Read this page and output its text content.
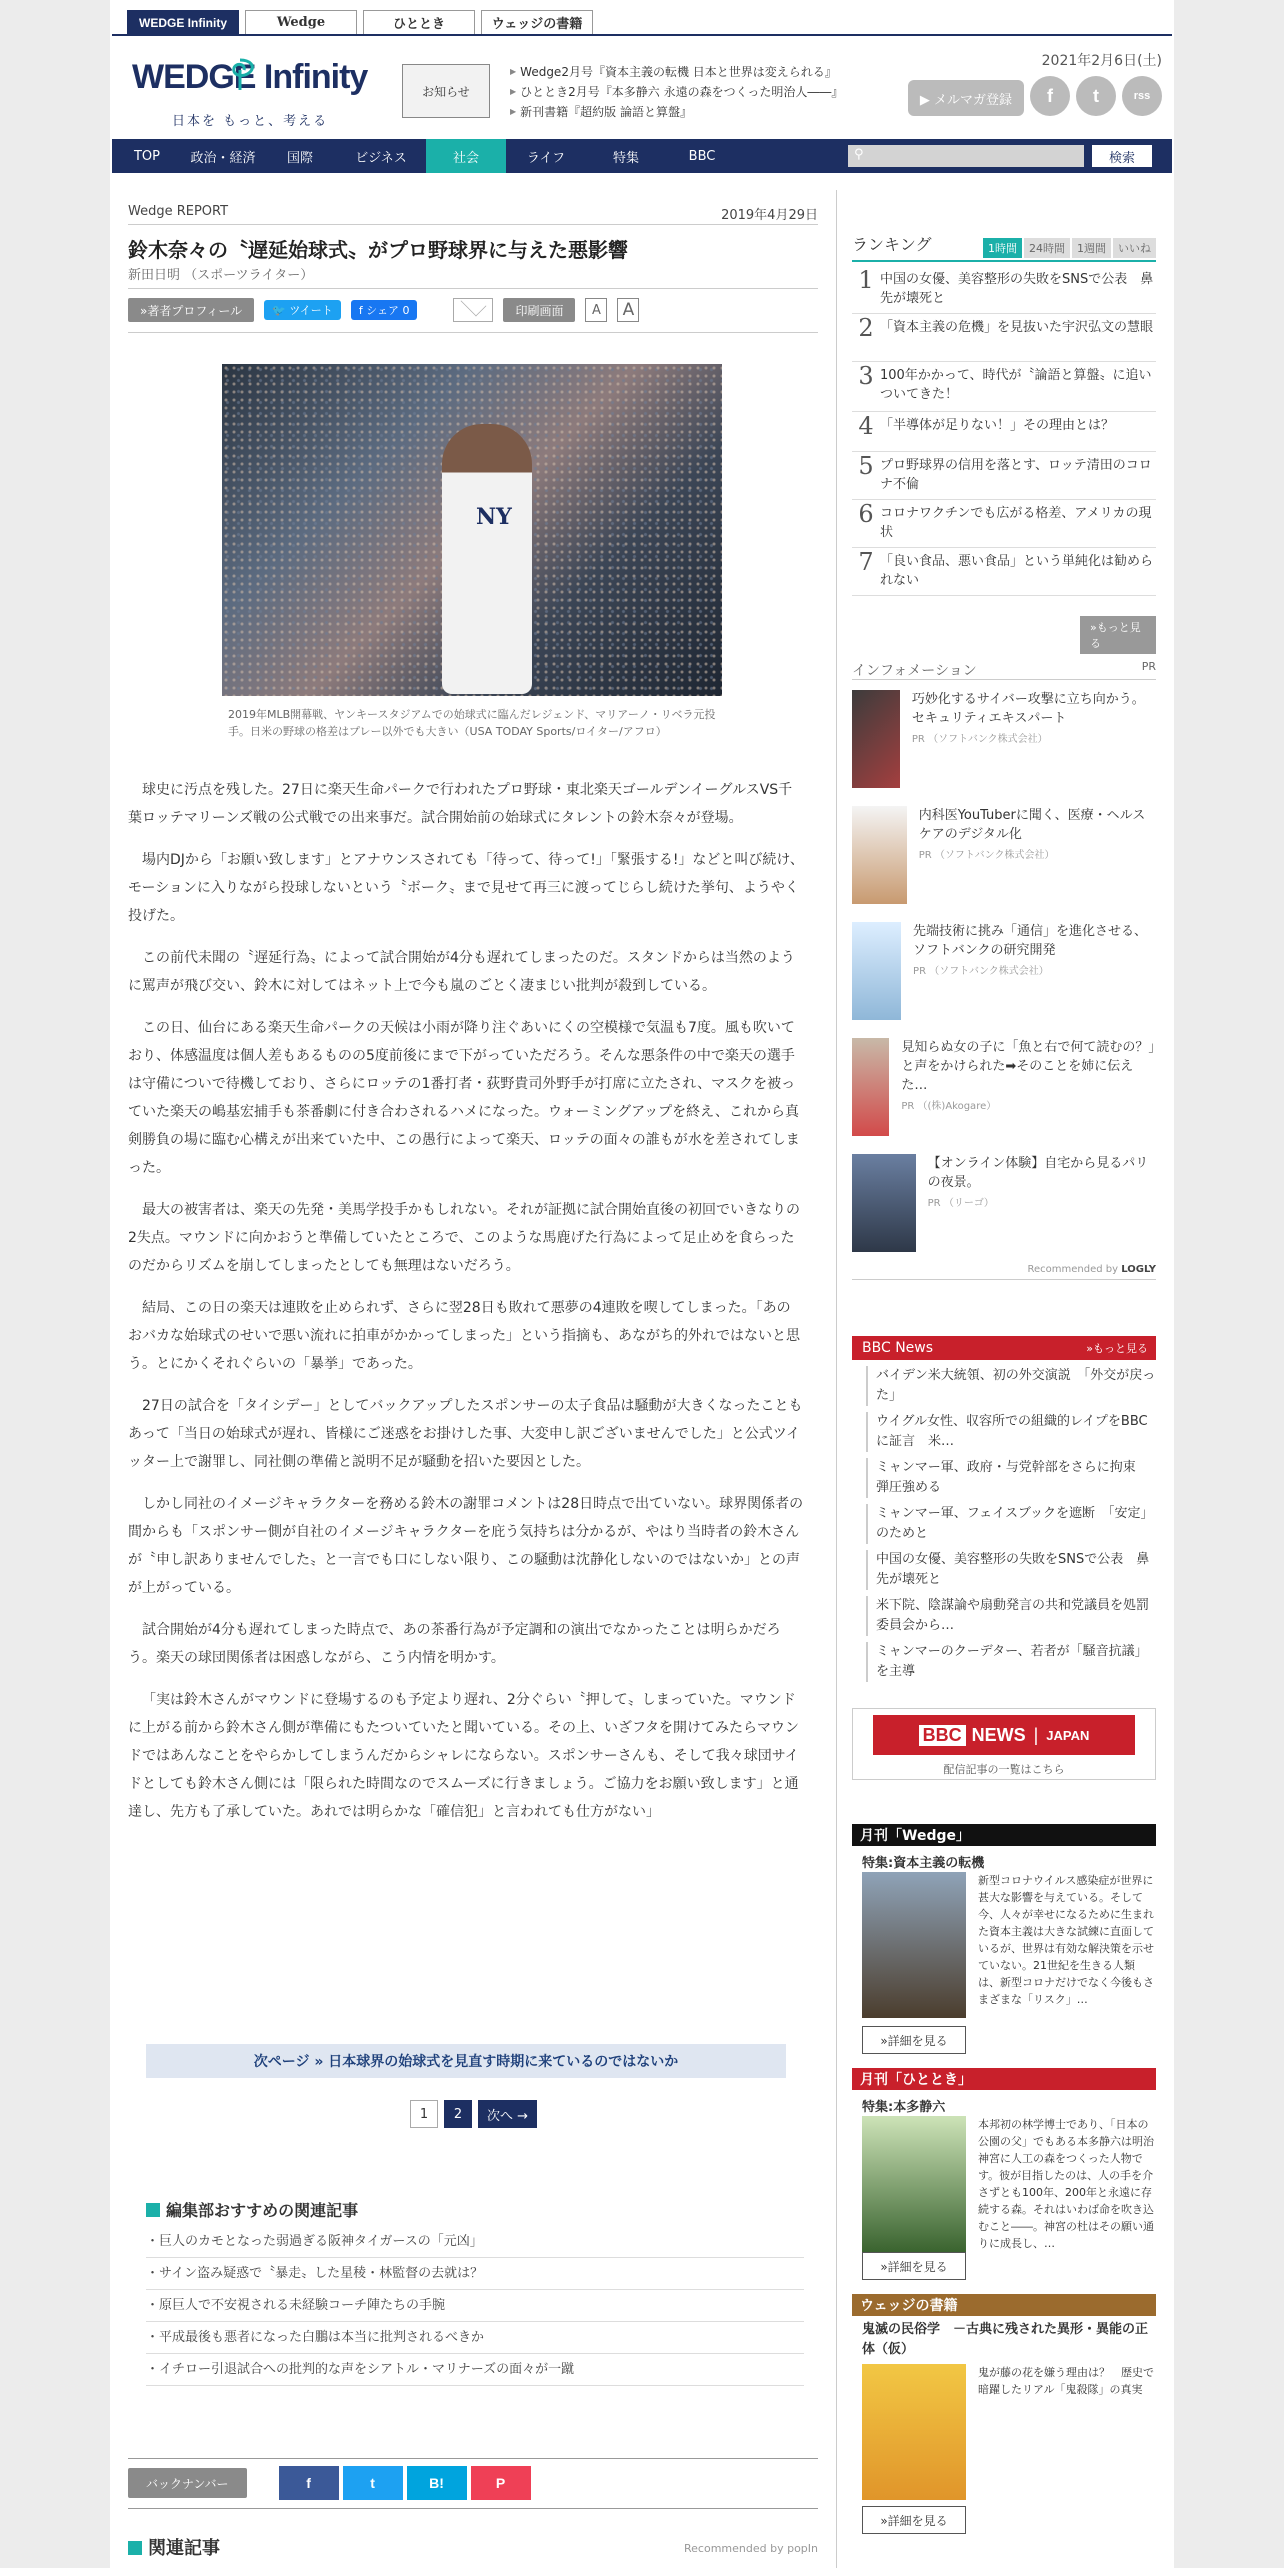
WEDGE Infinity	Wedge	ひととき	ウェッジの書籍
WEDGE Infinity
日本を もっと、考える
お知らせ
▶ Wedge2月号『資本主義の転機 日本と世界は変えられる』
▶ ひととき2月号『本多静六 永遠の森をつくった明治人――』
▶ 新刊書籍『超約版 論語と算盤』
2021年2月6日(土)
▶ メルマガ登録	f	t	rss
TOP	政治・経済	国際	ビジネス	社会	ライフ	特集	BBC	⚲	検索
Wedge REPORT	2019年4月29日
鈴木奈々の〝遅延始球式〟がプロ野球界に与えた悪影響
新田日明 （スポーツライター）
»著者プロフィール	🐦 ツイート	f シェア 0	印刷画面	A	A
NY
2019年MLB開幕戦、ヤンキースタジアムでの始球式に臨んだレジェンド、マリアーノ・リベラ元投手。日米の野球の格差はプレー以外でも大きい（USA TODAY Sports/ロイター/アフロ）

球史に汚点を残した。27日に楽天生命パークで行われたプロ野球・東北楽天ゴールデンイーグルスVS千葉ロッテマリーンズ戦の公式戦での出来事だ。試合開始前の始球式にタレントの鈴木奈々が登場。

場内DJから「お願い致します」とアナウンスされても「待って、待って!」「緊張する!」などと叫び続け、モーションに入りながら投球しないという〝ボーク〟まで見せて再三に渡ってじらし続けた挙句、ようやく投げた。

この前代未聞の〝遅延行為〟によって試合開始が4分も遅れてしまったのだ。スタンドからは当然のように罵声が飛び交い、鈴木に対してはネット上で今も嵐のごとく凄まじい批判が殺到している。

この日、仙台にある楽天生命パークの天候は小雨が降り注ぐあいにくの空模様で気温も7度。風も吹いており、体感温度は個人差もあるものの5度前後にまで下がっていただろう。そんな悪条件の中で楽天の選手は守備についで待機しており、さらにロッテの1番打者・荻野貴司外野手が打席に立たされ、マスクを被っていた楽天の嶋基宏捕手も茶番劇に付き合わされるハメになった。ウォーミングアップを終え、これから真剣勝負の場に臨む心構えが出来ていた中、この愚行によって楽天、ロッテの面々の誰もが水を差されてしまった。

最大の被害者は、楽天の先発・美馬学投手かもしれない。それが証拠に試合開始直後の初回でいきなりの2失点。マウンドに向かおうと準備していたところで、このような馬鹿げた行為によって足止めを食らったのだからリズムを崩してしまったとしても無理はないだろう。

結局、この日の楽天は連敗を止められず、さらに翌28日も敗れて悪夢の4連敗を喫してしまった。「あのおバカな始球式のせいで悪い流れに拍車がかかってしまった」という指摘も、あながち的外れではないと思う。とにかくそれぐらいの「暴挙」であった。

27日の試合を「タイシデー」としてバックアップしたスポンサーの太子食品は騒動が大きくなったこともあって「当日の始球式が遅れ、皆様にご迷惑をお掛けした事、大変申し訳ございませんでした」と公式ツイッター上で謝罪し、同社側の準備と説明不足が騒動を招いた要因とした。

しかし同社のイメージキャラクターを務める鈴木の謝罪コメントは28日時点で出ていない。球界関係者の間からも「スポンサー側が自社のイメージキャラクターを庇う気持ちは分かるが、やはり当時者の鈴木さんが〝申し訳ありませんでした〟と一言でも口にしない限り、この騒動は沈静化しないのではないか」との声が上がっている。

試合開始が4分も遅れてしまった時点で、あの茶番行為が予定調和の演出でなかったことは明らかだろう。楽天の球団関係者は困惑しながら、こう内情を明かす。

「実は鈴木さんがマウンドに登場するのも予定より遅れ、2分ぐらい〝押して〟しまっていた。マウンドに上がる前から鈴木さん側が準備にもたついていたと聞いている。その上、いざフタを開けてみたらマウンドではあんなことをやらかしてしまうんだからシャレにならない。スポンサーさんも、そして我々球団サイドとしても鈴木さん側には「限られた時間なのでスムーズに行きましょう。ご協力をお願い致します」と通達し、先方も了承していた。あれでは明らかな「確信犯」と言われても仕方がない」

次ページ » 日本球界の始球式を見直す時期に来ているのではないか
1	2	次へ →
編集部おすすめの関連記事
・巨人のカモとなった弱過ぎる阪神タイガースの「元凶」
・サイン盗み疑惑で〝暴走〟した星稜・林監督の去就は？
・原巨人で不安視される未経験コーチ陣たちの手腕
・平成最後も悪者になった白鵬は本当に批判されるべきか
・イチロー引退試合への批判的な声をシアトル・マリナーズの面々が一蹴
バックナンバー	f	t	B!	P
関連記事	Recommended by popIn
ランキング	1時間	24時間	1週間	いいね
1 中国の女優、美容整形の失敗をSNSで公表　鼻先が壊死と
2 「資本主義の危機」を見抜いた宇沢弘文の慧眼
3 100年かかって、時代が〝論語と算盤〟に追いついてきた！
4 「半導体が足りない！」その理由とは？
5 プロ野球界の信用を落とす、ロッテ清田のコロナ不倫
6 コロナワクチンでも広がる格差、アメリカの現状
7 「良い食品、悪い食品」という単純化は勧められない
»もっと見る
インフォメーション	PR
巧妙化するサイバー攻撃に立ち向かう。セキュリティエキスパート
PR （ソフトバンク株式会社）
内科医YouTuberに聞く、医療・ヘルスケアのデジタル化
PR （ソフトバンク株式会社）
先端技術に挑み「通信」を進化させる、ソフトバンクの研究開発
PR （ソフトバンク株式会社）
見知らぬ女の子に「魚と右で何て読むの？」と声をかけられた➡そのことを姉に伝えた…
PR （(株)Akogare）
【オンライン体験】自宅から見るパリの夜景。
PR （リーゴ）
Recommended by LOGLY
BBC News	»もっと見る
バイデン米大統領、初の外交演説　「外交が戻った」
ウイグル女性、収容所での組織的レイプをBBCに証言　米…
ミャンマー軍、政府・与党幹部をさらに拘束　弾圧強める
ミャンマー軍、フェイスブックを遮断　「安定」のためと
中国の女優、美容整形の失敗をSNSで公表　鼻先が壊死と
米下院、陰謀論や扇動発言の共和党議員を処罰　委員会から…
ミャンマーのクーデター、若者が「騒音抗議」を主導
BBC NEWS | JAPAN
配信記事の一覧はこちら
月刊「Wedge」
特集:資本主義の転機
新型コロナウイルス感染症が世界に甚大な影響を与えている。そして今、人々が幸せになるために生まれた資本主義は大きな試練に直面しているが、世界は有効な解決策を示せていない。21世紀を生きる人類は、新型コロナだけでなく今後もさまざまな「リスク」…
»詳細を見る
月刊「ひととき」
特集:本多静六
本邦初の林学博士であり、「日本の公園の父」でもある本多静六は明治神宮に人工の森をつくった人物です。彼が目指したのは、人の手を介さずとも100年、200年と永遠に存続する森。それはいわば命を吹き込むこと――。神宮の杜はその願い通りに成長し、…
»詳細を見る
ウェッジの書籍
鬼滅の民俗学　－古典に残された異形・異能の正体（仮）
鬼が藤の花を嫌う理由は？　歴史で暗躍したリアル「鬼殺隊」の真実
»詳細を見る
